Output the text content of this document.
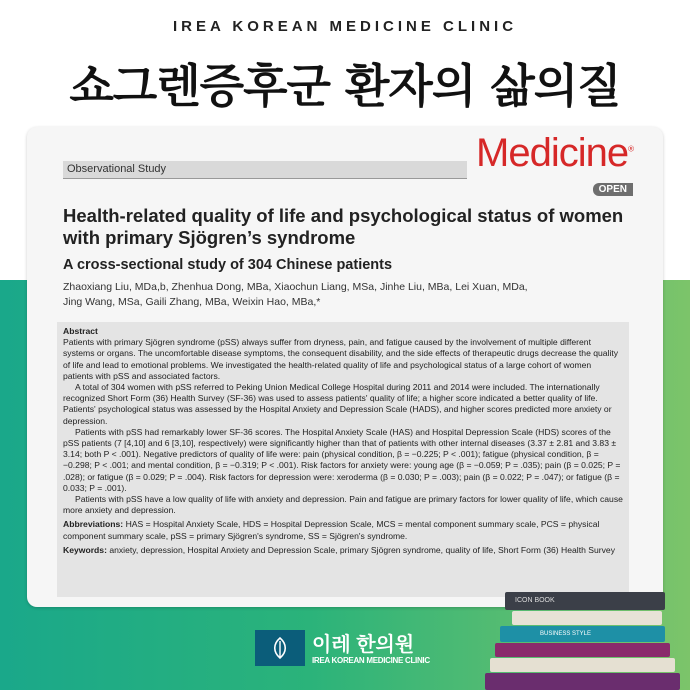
IREA KOREAN MEDICINE CLINIC
쇼그렌증후군 환자의 삶의질
Observational Study	Medicine®
OPEN
Health-related quality of life and psychological status of women with primary Sjögren’s syndrome
A cross-sectional study of 304 Chinese patients
Zhaoxiang Liu, MDa,b, Zhenhua Dong, MBa, Xiaochun Liang, MSa, Jinhe Liu, MBa, Lei Xuan, MDa,
Jing Wang, MSa, Gaili Zhang, MBa, Weixin Hao, MBa,*

Abstract

Patients with primary Sjögren syndrome (pSS) always suffer from dryness, pain, and fatigue caused by the involvement of multiple different systems or organs. The uncomfortable disease symptoms, the consequent disability, and the side effects of therapeutic drugs decrease the quality of life and lead to emotional problems. We investigated the health-related quality of life and psychological status of a large cohort of women patients with pSS and associated factors.

A total of 304 women with pSS referred to Peking Union Medical College Hospital during 2011 and 2014 were included. The internationally recognized Short Form (36) Health Survey (SF-36) was used to assess patients' quality of life; a higher score indicated a better quality of life. Patients' psychological status was assessed by the Hospital Anxiety and Depression Scale (HADS), and higher scores predicted more anxiety or depression.

Patients with pSS had remarkably lower SF-36 scores. The Hospital Anxiety Scale (HAS) and Hospital Depression Scale (HDS) scores of the pSS patients (7 [4,10] and 6 [3,10], respectively) were significantly higher than that of patients with other internal diseases (3.37 ± 2.81 and 3.83 ± 3.14; both P < .001). Negative predictors of quality of life were: pain (physical condition, β = −0.225; P < .001); fatigue (physical condition, β = −0.298; P < .001; and mental condition, β = −0.319; P < .001). Risk factors for anxiety were: young age (β = −0.059; P = .035); pain (β = 0.025; P = .028); or fatigue (β = 0.029; P = .004). Risk factors for depression were: xeroderma (β = 0.030; P = .003); pain (β = 0.022; P = .047); or fatigue (β = 0.033; P = .001).

Patients with pSS have a low quality of life with anxiety and depression. Pain and fatigue are primary factors for lower quality of life, which cause more anxiety and depression.

Abbreviations: HAS = Hospital Anxiety Scale, HDS = Hospital Depression Scale, MCS = mental component summary scale, PCS = physical component summary scale, pSS = primary Sjögren's syndrome, SS = Sjögren's syndrome.

Keywords: anxiety, depression, Hospital Anxiety and Depression Scale, primary Sjögren syndrome, quality of life, Short Form (36) Health Survey

ICON BOOK
BUSINESS STYLE
이레 한의원
IREA KOREAN MEDICINE CLINIC
